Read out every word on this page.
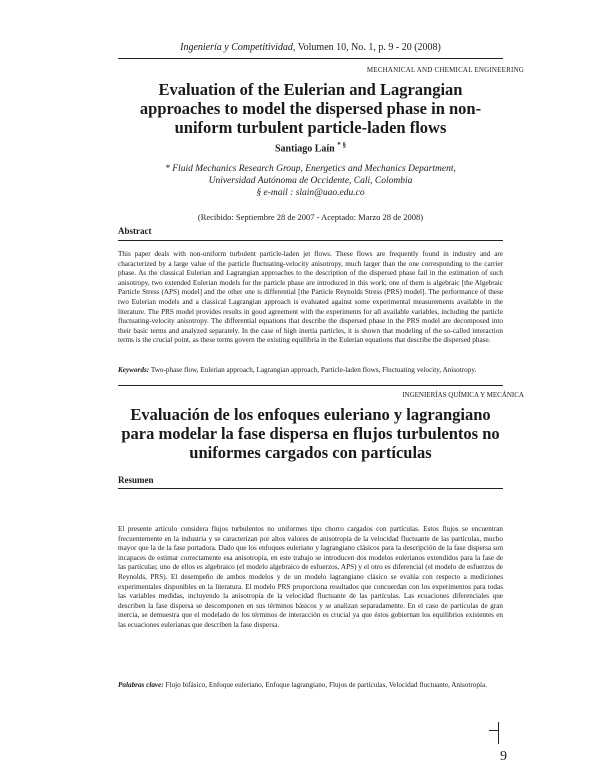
Ingeniería y Competitividad, Volumen 10, No. 1, p. 9 - 20 (2008)
MECHANICAL AND CHEMICAL ENGINEERING
Evaluation of the Eulerian and Lagrangian approaches to model the dispersed phase in non-uniform turbulent particle-laden flows
Santiago Laín * §
* Fluid Mechanics Research Group, Energetics and Mechanics Department,
Universidad Autónoma de Occidente, Cali, Colombia
§ e-mail : slain@uao.edu.co
(Recibido: Septiembre 28 de 2007 - Aceptado: Marzo 28 de 2008)
Abstract
This paper deals with non-uniform turbulent particle-laden jet flows. These flows are frequently found in industry and are characterized by a large value of the particle fluctuating-velocity anisotropy, much larger than the one corresponding to the carrier phase. As the classical Eulerian and Lagrangian approaches to the description of the dispersed phase fail in the estimation of such anisotropy, two extended Eulerian models for the particle phase are introduced in this work; one of them is algebraic [the Algebraic Particle Stress (APS) model] and the other one is differential [the Particle Reynolds Stress (PRS) model]. The performance of these two Eulerian models and a classical Lagrangian approach is evaluated against some experimental measurements available in the literature. The PRS model provides results in good agreement with the experiments for all available variables, including the particle fluctuating-velocity anisotropy. The differential equations that describe the dispersed phase in the PRS model are decomposed into their basic terms and analyzed separately. In the case of high inertia particles, it is shown that modeling of the so-called interaction terms is the crucial point, as these terms govern the existing equilibria in the Eulerian equations that describe the dispersed phase.
Keywords: Two-phase flow, Eulerian approach, Lagrangian approach, Particle-laden flows, Fluctuating velocity, Anisotropy.
INGENIERÍAS QUÍMICA Y MECÁNICA
Evaluación de los enfoques euleriano y lagrangiano para modelar la fase dispersa en flujos turbulentos no uniformes cargados con partículas
Resumen
El presente artículo considera flujos turbulentos no uniformes tipo chorro cargados con partículas. Estos flujos se encuentran frecuentemente en la industria y se caracterizan por altos valores de anisotropía de la velocidad fluctuante de las partículas, mucho mayor que la de la fase portadora. Dado que los enfoques euleriano y lagrangiano clásicos para la descripción de la fase dispersa son incapaces de estimar correctamente esa anisotropía, en este trabajo se introducen dos modelos eulerianos extendidos para la fase de las partículas; uno de ellos es algebraico (el modelo algebraico de esfuerzos, APS) y el otro es diferencial (el modelo de esfuerzos de Reynolds, PRS). El desempeño de ambos modelos y de un modelo lagrangiano clásico se evalúa con respecto a mediciones experimentales disponibles en la literatura. El modelo PRS proporciona resultados que concuerdan con los experimentos para todas las variables medidas, incluyendo la anisotropía de la velocidad fluctuante de las partículas. Las ecuaciones diferenciales que describen la fase dispersa se descomponen en sus términos básicos y se analizan separadamente. En el caso de partículas de gran inercia, se demuestra que el modelado de los términos de interacción es crucial ya que éstos gobiernan los equilibrios existentes en las ecuaciones eulerianas que describen la fase dispersa.
Palabras clave: Flujo bifásico, Enfoque euleriano, Enfoque lagrangiano, Flujos de partículas, Velocidad fluctuante, Anisotropía.
9
